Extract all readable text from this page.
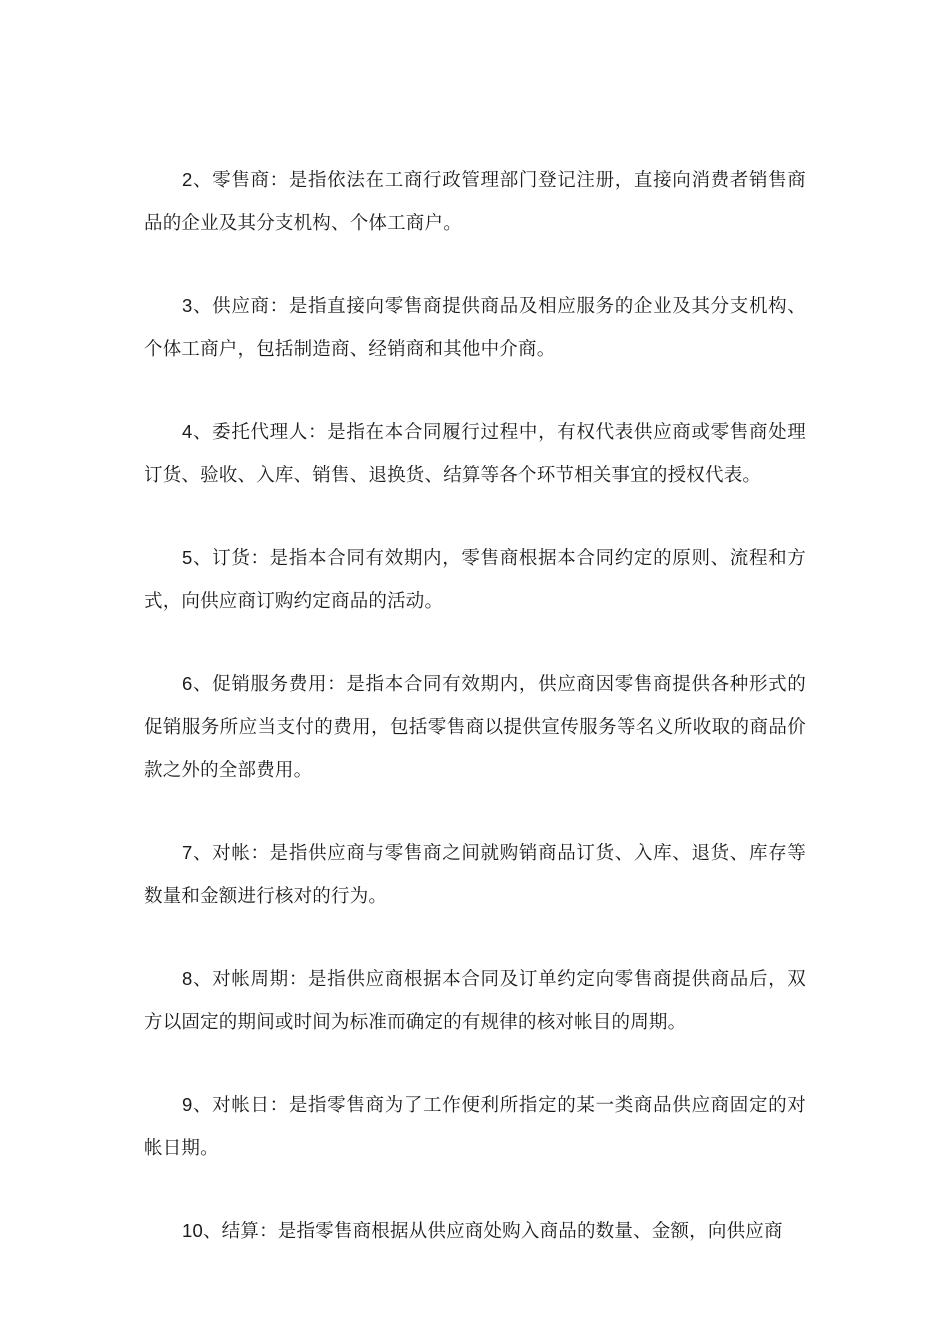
2、零售商：是指依法在工商行政管理部门登记注册，直接向消费者销售商品的企业及其分支机构、个体工商户。

3、供应商：是指直接向零售商提供商品及相应服务的企业及其分支机构、个体工商户，包括制造商、经销商和其他中介商。

4、委托代理人：是指在本合同履行过程中，有权代表供应商或零售商处理订货、验收、入库、销售、退换货、结算等各个环节相关事宜的授权代表。

5、订货：是指本合同有效期内，零售商根据本合同约定的原则、流程和方式，向供应商订购约定商品的活动。

6、促销服务费用：是指本合同有效期内，供应商因零售商提供各种形式的促销服务所应当支付的费用，包括零售商以提供宣传服务等名义所收取的商品价款之外的全部费用。

7、对帐：是指供应商与零售商之间就购销商品订货、入库、退货、库存等数量和金额进行核对的行为。

8、对帐周期：是指供应商根据本合同及订单约定向零售商提供商品后，双方以固定的期间或时间为标准而确定的有规律的核对帐目的周期。

9、对帐日：是指零售商为了工作便利所指定的某一类商品供应商固定的对帐日期。

10、结算：是指零售商根据从供应商处购入商品的数量、金额，向供应商
